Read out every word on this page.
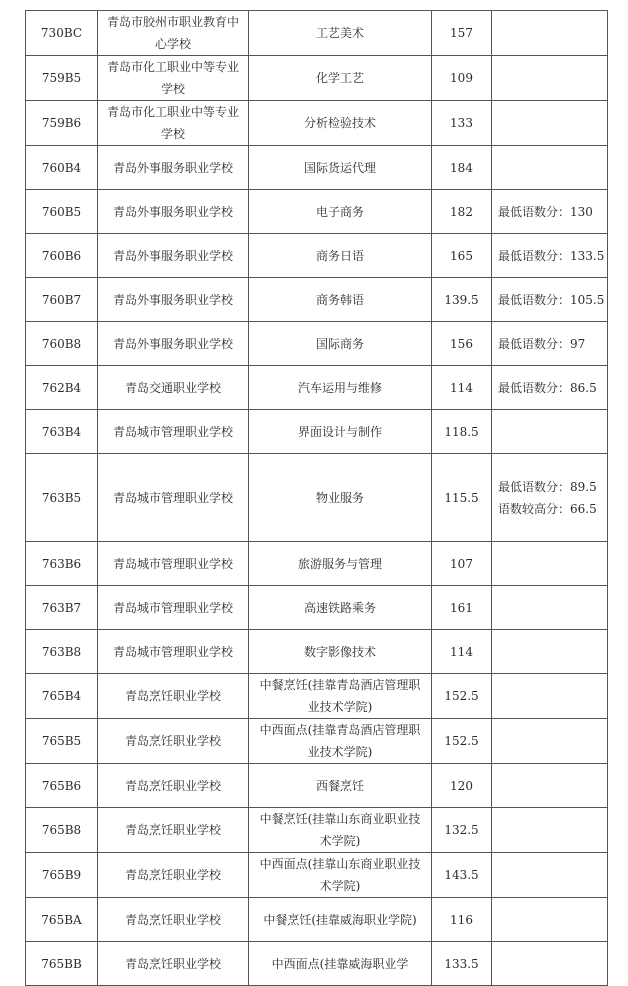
730BC	青岛市胶州市职业教育中心学校	工艺美术	157	
759B5	青岛市化工职业中等专业学校	化学工艺	109	
759B6	青岛市化工职业中等专业学校	分析检验技术	133	
760B4	青岛外事服务职业学校	国际货运代理	184	
760B5	青岛外事服务职业学校	电子商务	182	最低语数分：130

760B6	青岛外事服务职业学校	商务日语	165	最低语数分：133.5

760B7	青岛外事服务职业学校	商务韩语	139.5	最低语数分：105.5

760B8	青岛外事服务职业学校	国际商务	156	最低语数分：97

762B4	青岛交通职业学校	汽车运用与维修	114	最低语数分：86.5

763B4	青岛城市管理职业学校	界面设计与制作	118.5	
763B5	青岛城市管理职业学校	物业服务	115.5	最低语数分：89.5
语数较高分：66.5

763B6	青岛城市管理职业学校	旅游服务与管理	107	
763B7	青岛城市管理职业学校	高速铁路乘务	161	
763B8	青岛城市管理职业学校	数字影像技术	114	
765B4	青岛烹饪职业学校	中餐烹饪(挂靠青岛酒店管理职业技术学院)	152.5	
765B5	青岛烹饪职业学校	中西面点(挂靠青岛酒店管理职业技术学院)	152.5	
765B6	青岛烹饪职业学校	西餐烹饪	120	
765B8	青岛烹饪职业学校	中餐烹饪(挂靠山东商业职业技术学院)	132.5	
765B9	青岛烹饪职业学校	中西面点(挂靠山东商业职业技术学院)	143.5	
765BA	青岛烹饪职业学校	中餐烹饪(挂靠威海职业学院)	116	
765BB	青岛烹饪职业学校	中西面点(挂靠威海职业学	133.5	
